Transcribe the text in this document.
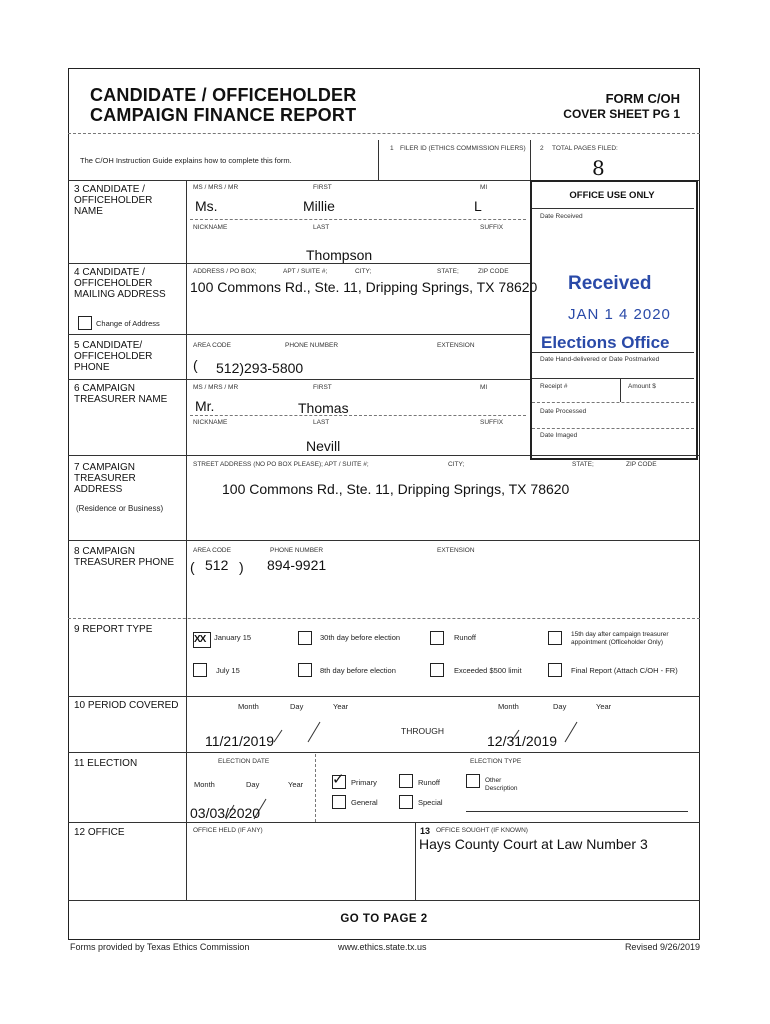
CANDIDATE / OFFICEHOLDER
CAMPAIGN FINANCE REPORT
FORM C/OH
COVER SHEET PG 1
The C/OH Instruction Guide explains how to complete this form.
1 FILER ID (ETHICS COMMISSION FILERS) 2 TOTAL PAGES FILED:
8
3 CANDIDATE / OFFICEHOLDER NAME
MS / MRS / MR	FIRST	MI
Ms.	Millie	L
NICKNAME	LAST	SUFFIX
Thompson
4 CANDIDATE / OFFICEHOLDER MAILING ADDRESS
Change of Address
ADDRESS / PO BOX;	APT / SUITE #;	CITY;	STATE;	ZIP CODE
100 Commons Rd., Ste. 11, Dripping Springs, TX 78620
5 CANDIDATE/ OFFICEHOLDER PHONE
AREA CODE	PHONE NUMBER	EXTENSION
( 512)293-5800
6 CAMPAIGN TREASURER NAME
MS / MRS / MR	FIRST	MI
Mr.	Thomas
NICKNAME	LAST	SUFFIX
Nevill
OFFICE USE ONLY
Date Received
Received
JAN 1 4 2020
Elections Office
Date Hand-delivered or Date Postmarked
Receipt #	Amount $
Date Processed
Date Imaged
7 CAMPAIGN TREASURER ADDRESS
(Residence or Business)
STREET ADDRESS (NO PO BOX PLEASE); APT / SUITE #;	CITY;	STATE;	ZIP CODE
100 Commons Rd., Ste. 11, Dripping Springs, TX 78620
8 CAMPAIGN TREASURER PHONE
AREA CODE	PHONE NUMBER	EXTENSION
( 512 ) 894-9921
9 REPORT TYPE
XX January 15	30th day before election	Runoff	15th day after campaign treasurer appointment (Officeholder Only)
July 15	8th day before election	Exceeded $500 limit	Final Report (Attach C/OH - FR)
10 PERIOD COVERED	Month	Day	Year	Month	Day	Year
11/21/2019
THROUGH
12/31/2019
11 ELECTION	ELECTION DATE	ELECTION TYPE
Month	Day	Year
03/03/2020
✓ Primary	Runoff	Other Description
General	Special
12 OFFICE	OFFICE HELD (IF ANY)	13 OFFICE SOUGHT (IF KNOWN)
Hays County Court at Law Number 3
GO TO PAGE 2
Forms provided by Texas Ethics Commission	www.ethics.state.tx.us	Revised 9/26/2019
